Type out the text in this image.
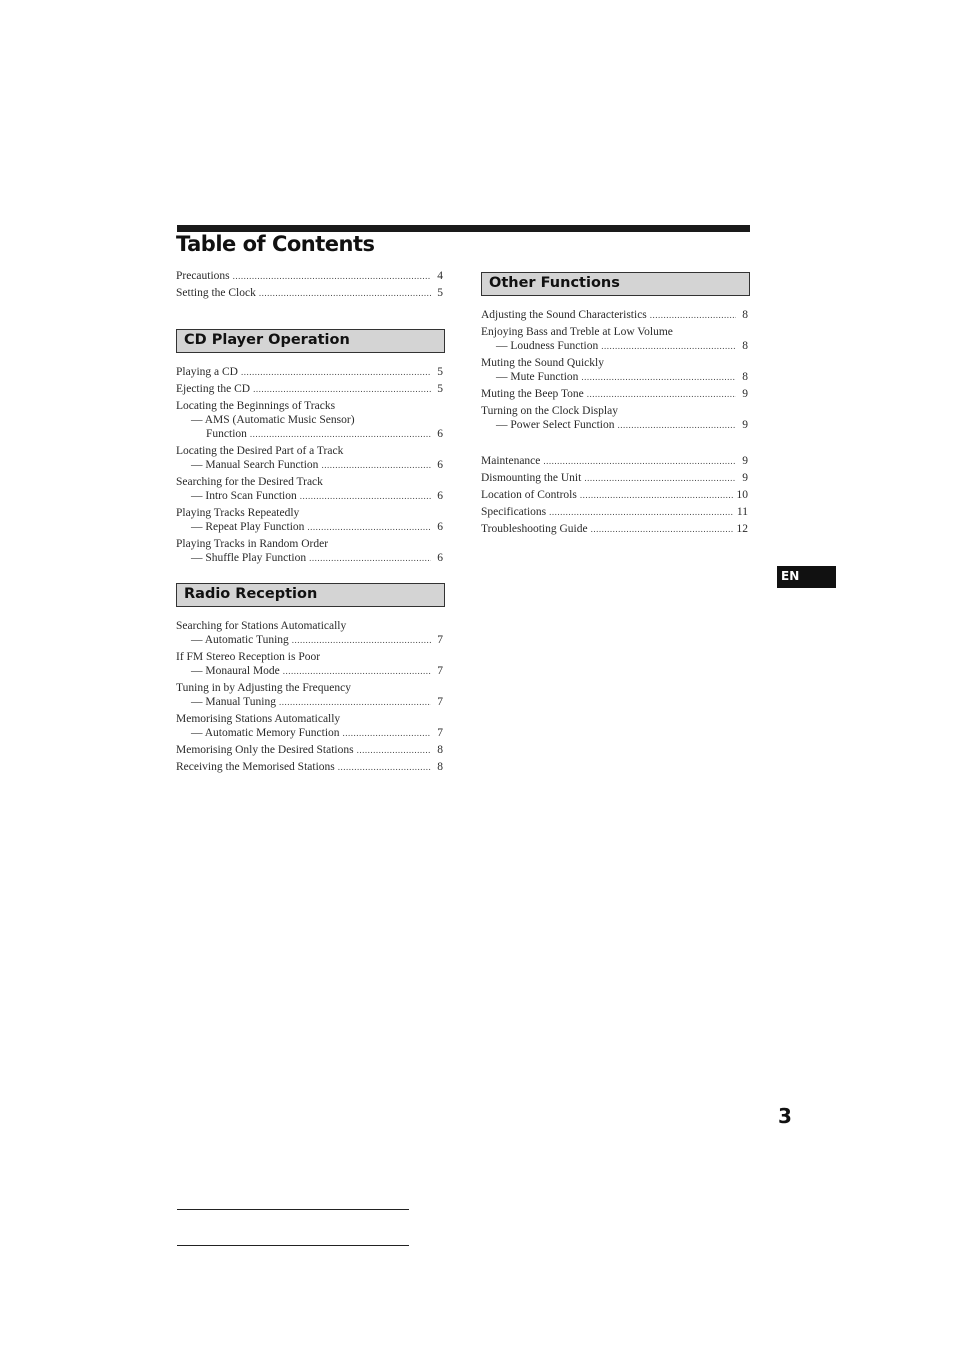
Table of Contents
Precautions .....	4
Setting the Clock .....	5
CD Player Operation
Playing a CD .....	5
Ejecting the CD .....	5
Locating the Beginnings of Tracks
— AMS (Automatic Music Sensor)
Function .....	6
Locating the Desired Part of a Track
— Manual Search Function .....	6
Searching for the Desired Track
— Intro Scan Function .....	6
Playing Tracks Repeatedly
— Repeat Play Function .....	6
Playing Tracks in Random Order
— Shuffle Play Function .....	6
Radio Reception
Searching for Stations Automatically
— Automatic Tuning .....	7
If FM Stereo Reception is Poor
— Monaural Mode .....	7
Tuning in by Adjusting the Frequency
— Manual Tuning .....	7
Memorising Stations Automatically
— Automatic Memory Function .....	7
Memorising Only the Desired Stations .....	8
Receiving the Memorised Stations .....	8
Other Functions
Adjusting the Sound Characteristics .....	8
Enjoying Bass and Treble at Low Volume
— Loudness Function .....	8
Muting the Sound Quickly
— Mute Function .....	8
Muting the Beep Tone .....	9
Turning on the Clock Display
— Power Select Function .....	9
Maintenance .....	9
Dismounting the Unit .....	9
Location of Controls .....	10
Specifications .....	11
Troubleshooting Guide .....	12
EN
3
